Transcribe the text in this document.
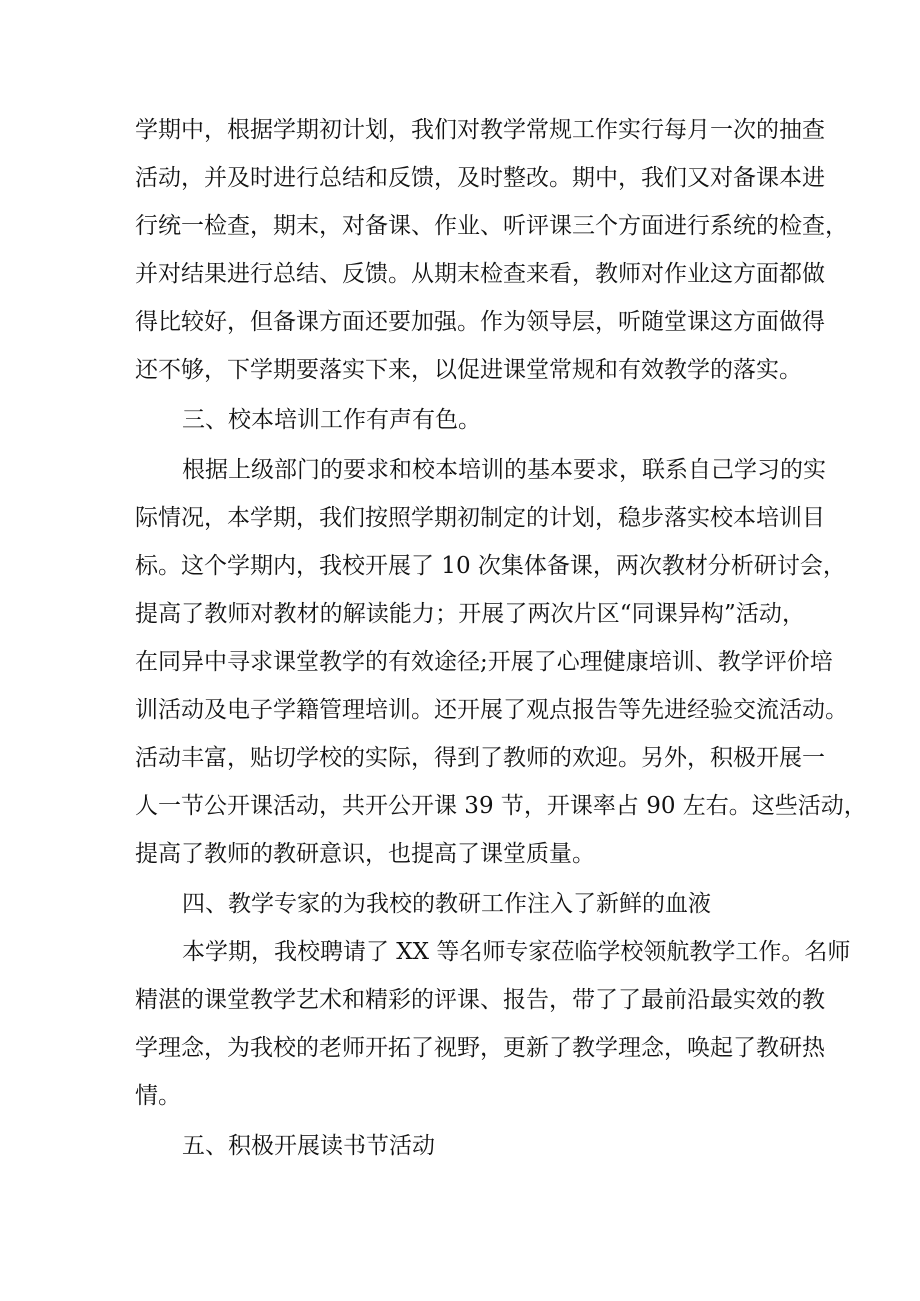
学期中，根据学期初计划，我们对教学常规工作实行每月一次的抽查
活动，并及时进行总结和反馈，及时整改。期中，我们又对备课本进
行统一检查，期末，对备课、作业、听评课三个方面进行系统的检查，
并对结果进行总结、反馈。从期末检查来看，教师对作业这方面都做
得比较好，但备课方面还要加强。作为领导层，听随堂课这方面做得
还不够，下学期要落实下来，以促进课堂常规和有效教学的落实。
三、校本培训工作有声有色。
根据上级部门的要求和校本培训的基本要求，联系自己学习的实
际情况，本学期，我们按照学期初制定的计划，稳步落实校本培训目
标。这个学期内，我校开展了 10 次集体备课，两次教材分析研讨会，
提高了教师对教材的解读能力；开展了两次片区“同课异构”活动，
在同异中寻求课堂教学的有效途径;开展了心理健康培训、教学评价培
训活动及电子学籍管理培训。还开展了观点报告等先进经验交流活动。
活动丰富，贴切学校的实际，得到了教师的欢迎。另外，积极开展一
人一节公开课活动，共开公开课 39 节，开课率占 90 左右。这些活动，
提高了教师的教研意识，也提高了课堂质量。
四、教学专家的为我校的教研工作注入了新鲜的血液
本学期，我校聘请了 XX 等名师专家莅临学校领航教学工作。名师
精湛的课堂教学艺术和精彩的评课、报告，带了了最前沿最实效的教
学理念，为我校的老师开拓了视野，更新了教学理念，唤起了教研热
情。
五、积极开展读书节活动
